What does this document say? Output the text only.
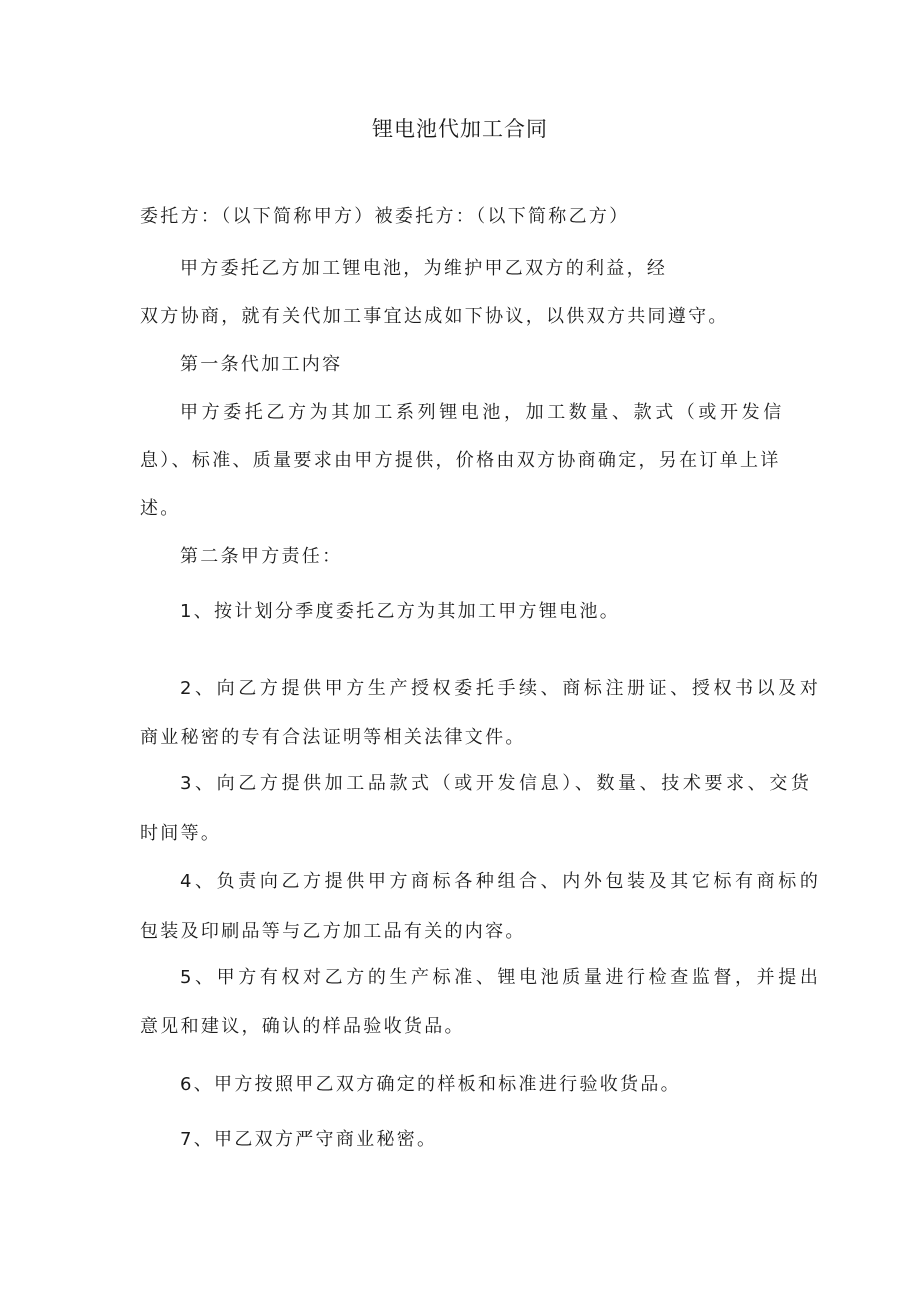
锂电池代加工合同
委托方：（以下简称甲方）被委托方：（以下简称乙方）
甲方委托乙方加工锂电池，为维护甲乙双方的利益，经
双方协商，就有关代加工事宜达成如下协议，以供双方共同遵守。
第一条代加工内容
甲方委托乙方为其加工系列锂电池，加工数量、款式（或开发信
息）、标准、质量要求由甲方提供，价格由双方协商确定，另在订单上详
述。
第二条甲方责任：
1、按计划分季度委托乙方为其加工甲方锂电池。
2、向乙方提供甲方生产授权委托手续、商标注册证、授权书以及对
商业秘密的专有合法证明等相关法律文件。
3、向乙方提供加工品款式（或开发信息）、数量、技术要求、交货
时间等。
4、负责向乙方提供甲方商标各种组合、内外包装及其它标有商标的
包装及印刷品等与乙方加工品有关的内容。
5、甲方有权对乙方的生产标准、锂电池质量进行检查监督，并提出
意见和建议，确认的样品验收货品。
6、甲方按照甲乙双方确定的样板和标准进行验收货品。
7、甲乙双方严守商业秘密。
